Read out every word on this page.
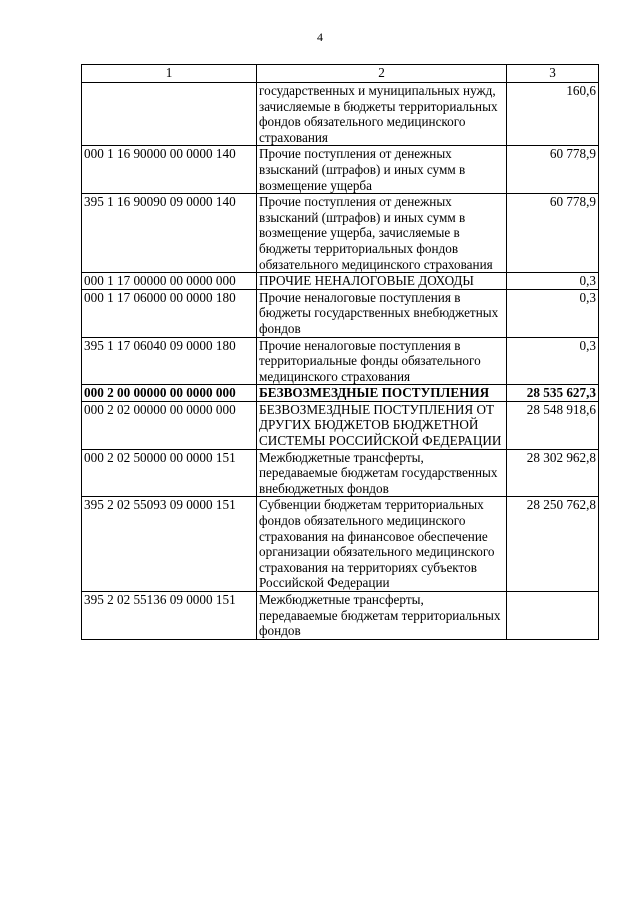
4
1	2	3
	государственных и муниципальных нужд, зачисляемые в бюджеты территориальных фондов обязательного медицинского страхования	160,6
000 1 16 90000 00 0000 140	Прочие поступления от денежных взысканий (штрафов) и иных сумм в возмещение ущерба	60 778,9
395 1 16 90090 09 0000 140	Прочие поступления от денежных взысканий (штрафов) и иных сумм в возмещение ущерба, зачисляемые в бюджеты территориальных фондов обязательного медицинского страхования	60 778,9
000 1 17 00000 00 0000 000	ПРОЧИЕ НЕНАЛОГОВЫЕ ДОХОДЫ	0,3
000 1 17 06000 00 0000 180	Прочие неналоговые поступления в бюджеты государственных внебюджетных фондов	0,3
395 1 17 06040 09 0000 180	Прочие неналоговые поступления в территориальные фонды обязательного медицинского страхования	0,3
000 2 00 00000 00 0000 000	БЕЗВОЗМЕЗДНЫЕ ПОСТУПЛЕНИЯ	28 535 627,3
000 2 02 00000 00 0000 000	БЕЗВОЗМЕЗДНЫЕ ПОСТУПЛЕНИЯ ОТ ДРУГИХ БЮДЖЕТОВ БЮДЖЕТНОЙ СИСТЕМЫ РОССИЙСКОЙ ФЕДЕРАЦИИ	28 548 918,6
000 2 02 50000 00 0000 151	Межбюджетные трансферты, передаваемые бюджетам государственных внебюджетных фондов	28 302 962,8
395 2 02 55093 09 0000 151	Субвенции бюджетам территориальных фондов обязательного медицинского страхования на финансовое обеспечение организации обязательного медицинского страхования на территориях субъектов Российской Федерации	28 250 762,8
395 2 02 55136 09 0000 151	Межбюджетные трансферты, передаваемые бюджетам территориальных фондов	
